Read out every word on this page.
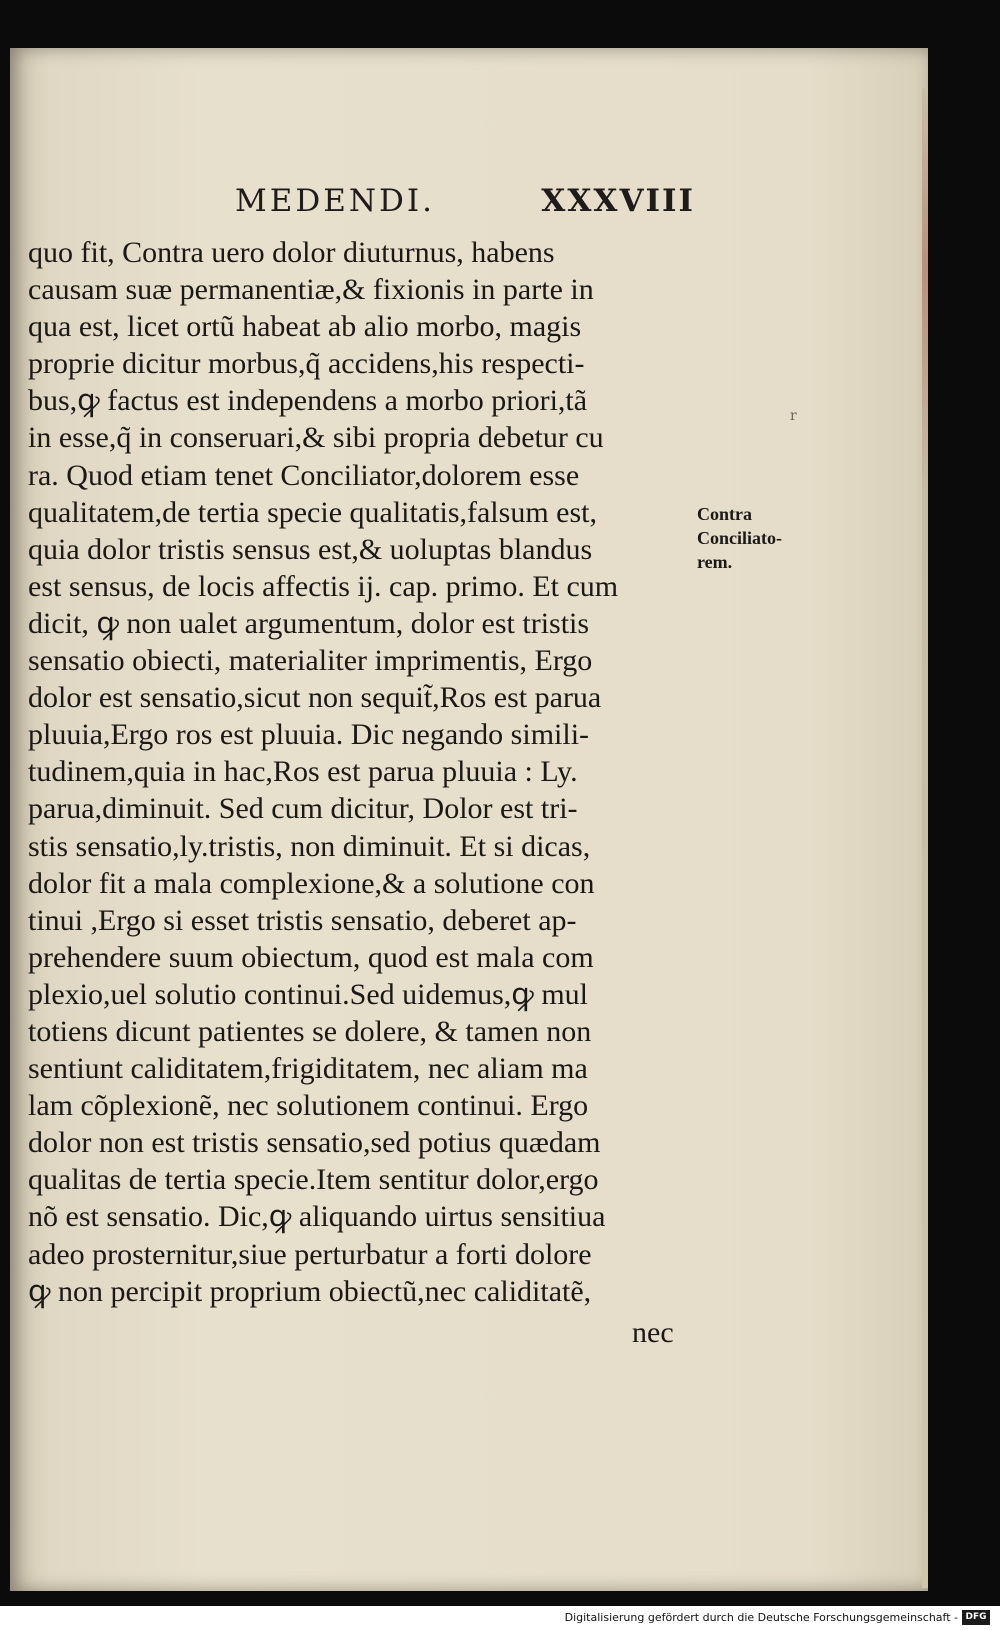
MEDENDI.	XXXVIII
quo fit, Contra uero dolor diuturnus, habens
causam suæ permanentiæ,& fixionis in parte in
qua est, licet ortũ habeat ab alio morbo, magis
proprie dicitur morbus,q̃ accidens,his respecti-
bus,ꝙ factus est independens a morbo priori,tã
in esse,q̃ in conseruari,& sibi propria debetur cu
ra. Quod etiam tenet Conciliator,dolorem esse
qualitatem,de tertia specie qualitatis,falsum est,
quia dolor tristis sensus est,& uoluptas blandus
est sensus, de locis affectis ij. cap. primo. Et cum
dicit, ꝙ non ualet argumentum, dolor est tristis
sensatio obiecti, materialiter imprimentis, Ergo
dolor est sensatio,sicut non sequit̃,Ros est parua
pluuia,Ergo ros est pluuia. Dic negando simili-
tudinem,quia in hac,Ros est parua pluuia : Ly.
parua,diminuit. Sed cum dicitur, Dolor est tri-
stis sensatio,ly.tristis, non diminuit. Et si dicas,
dolor fit a mala complexione,& a solutione con
tinui ,Ergo si esset tristis sensatio, deberet ap-
prehendere suum obiectum, quod est mala com
plexio,uel solutio continui.Sed uidemus,ꝙ mul
totiens dicunt patientes se dolere, & tamen non
sentiunt caliditatem,frigiditatem, nec aliam ma
lam cõplexionẽ, nec solutionem continui. Ergo
dolor non est tristis sensatio,sed potius quædam
qualitas de tertia specie.Item sentitur dolor,ergo
nõ est sensatio. Dic,ꝙ aliquando uirtus sensitiua
adeo prosternitur,siue perturbatur a forti dolore
ꝙ non percipit proprium obiectũ,nec caliditatẽ,
nec
r
Contra
Conciliato-
rem.
Digitalisierung gefördert durch die Deutsche Forschungsgemeinschaft - DFG
